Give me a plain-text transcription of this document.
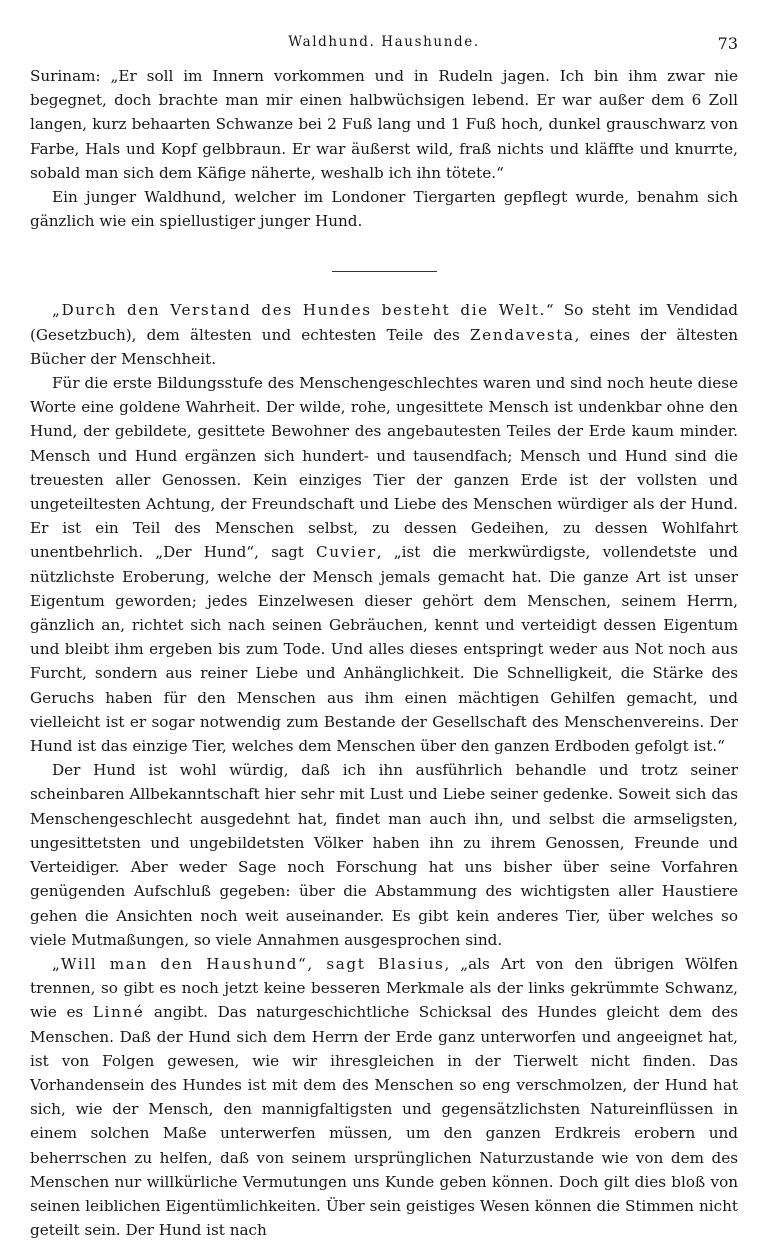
Waldhund. Haushunde.	73

Surinam: „Er soll im Innern vorkommen und in Rudeln jagen. Ich bin ihm zwar nie begegnet, doch brachte man mir einen halbwüchsigen lebend. Er war außer dem 6 Zoll langen, kurz behaarten Schwanze bei 2 Fuß lang und 1 Fuß hoch, dunkel grauschwarz von Farbe, Hals und Kopf gelbbraun. Er war äußerst wild, fraß nichts und kläffte und knurrte, sobald man sich dem Käfige näherte, weshalb ich ihn tötete.“

Ein junger Waldhund, welcher im Londoner Tiergarten gepflegt wurde, benahm sich gänzlich wie ein spiellustiger junger Hund.

„Durch den Verstand des Hundes besteht die Welt.“ So steht im Vendidad (Gesetzbuch), dem ältesten und echtesten Teile des Zendavesta, eines der ältesten Bücher der Menschheit.

Für die erste Bildungsstufe des Menschengeschlechtes waren und sind noch heute diese Worte eine goldene Wahrheit. Der wilde, rohe, ungesittete Mensch ist undenkbar ohne den Hund, der gebildete, gesittete Bewohner des angebautesten Teiles der Erde kaum minder. Mensch und Hund ergänzen sich hundert- und tausendfach; Mensch und Hund sind die treuesten aller Genossen. Kein einziges Tier der ganzen Erde ist der vollsten und ungeteiltesten Achtung, der Freundschaft und Liebe des Menschen würdiger als der Hund. Er ist ein Teil des Menschen selbst, zu dessen Gedeihen, zu dessen Wohlfahrt unentbehrlich. „Der Hund“, sagt Cuvier, „ist die merkwürdigste, vollendetste und nützlichste Eroberung, welche der Mensch jemals gemacht hat. Die ganze Art ist unser Eigentum geworden; jedes Einzelwesen dieser gehört dem Menschen, seinem Herrn, gänzlich an, richtet sich nach seinen Gebräuchen, kennt und verteidigt dessen Eigentum und bleibt ihm ergeben bis zum Tode. Und alles dieses entspringt weder aus Not noch aus Furcht, sondern aus reiner Liebe und Anhänglichkeit. Die Schnelligkeit, die Stärke des Geruchs haben für den Menschen aus ihm einen mächtigen Gehilfen gemacht, und vielleicht ist er sogar notwendig zum Bestande der Gesellschaft des Menschenvereins. Der Hund ist das einzige Tier, welches dem Menschen über den ganzen Erdboden gefolgt ist.“

Der Hund ist wohl würdig, daß ich ihn ausführlich behandle und trotz seiner scheinbaren Allbekanntschaft hier sehr mit Lust und Liebe seiner gedenke. Soweit sich das Menschengeschlecht ausgedehnt hat, findet man auch ihn, und selbst die armseligsten, ungesittetsten und ungebildetsten Völker haben ihn zu ihrem Genossen, Freunde und Verteidiger. Aber weder Sage noch Forschung hat uns bisher über seine Vorfahren genügenden Aufschluß gegeben: über die Abstammung des wichtigsten aller Haustiere gehen die Ansichten noch weit auseinander. Es gibt kein anderes Tier, über welches so viele Mutmaßungen, so viele Annahmen ausgesprochen sind.

„Will man den Haushund“, sagt Blasius, „als Art von den übrigen Wölfen trennen, so gibt es noch jetzt keine besseren Merkmale als der links gekrümmte Schwanz, wie es Linné angibt. Das naturgeschichtliche Schicksal des Hundes gleicht dem des Menschen. Daß der Hund sich dem Herrn der Erde ganz unterworfen und angeeignet hat, ist von Folgen gewesen, wie wir ihresgleichen in der Tierwelt nicht finden. Das Vorhandensein des Hundes ist mit dem des Menschen so eng verschmolzen, der Hund hat sich, wie der Mensch, den mannigfaltigsten und gegensätzlichsten Natureinflüssen in einem solchen Maße unterwerfen müssen, um den ganzen Erdkreis erobern und beherrschen zu helfen, daß von seinem ursprünglichen Naturzustande wie von dem des Menschen nur willkürliche Vermutungen uns Kunde geben können. Doch gilt dies bloß von seinen leiblichen Eigentümlichkeiten. Über sein geistiges Wesen können die Stimmen nicht geteilt sein. Der Hund ist nach
